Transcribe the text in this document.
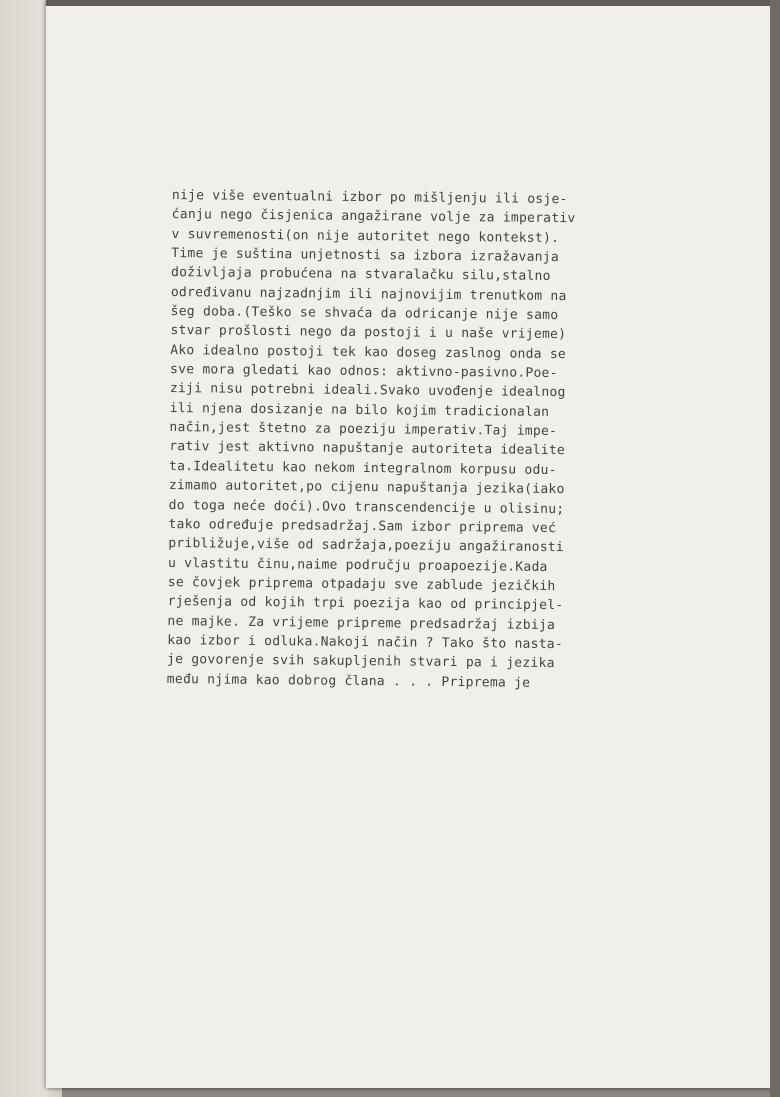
nije više eventualni izbor po mišljenju ili osje-
ćanju nego čisjenica angažirane volje za imperativ
v suvremenosti(on nije autoritet nego kontekst).
Time je suština unjetnosti sa izbora izražavanja
doživljaja probućena na stvaralačku silu,stalno
određivanu najzadnjim ili najnovijim trenutkom na
šeg doba.(Teško se shvaća da odricanje nije samo
stvar prošlosti nego da postoji i u naše vrijeme)
Ako idealno postoji tek kao doseg zaslnog onda se
sve mora gledati kao odnos: aktivno-pasivno.Poe-
ziji nisu potrebni ideali.Svako uvođenje idealnog
ili njena dosizanje na bilo kojim tradicionalan
način,jest štetno za poeziju imperativ.Taj impe-
rativ jest aktivno napuštanje autoriteta idealite
ta.Idealitetu kao nekom integralnom korpusu odu-
zimamo autoritet,po cijenu napuštanja jezika(iako
do toga neće doći).Ovo transcendencije u olisinu;
tako određuje predsadržaj.Sam izbor priprema već
približuje,više od sadržaja,poeziju angažiranosti
u vlastitu činu,naime području proapoezije.Kada
se čovjek priprema otpadaju sve zablude jezičkih
rješenja od kojih trpi poezija kao od principjel-
ne majke. Za vrijeme pripreme predsadržaj izbija
kao izbor i odluka.Nakoji način ? Tako što nasta-
je govorenje svih sakupljenih stvari pa i jezika
među njima kao dobrog člana . . . Priprema je
